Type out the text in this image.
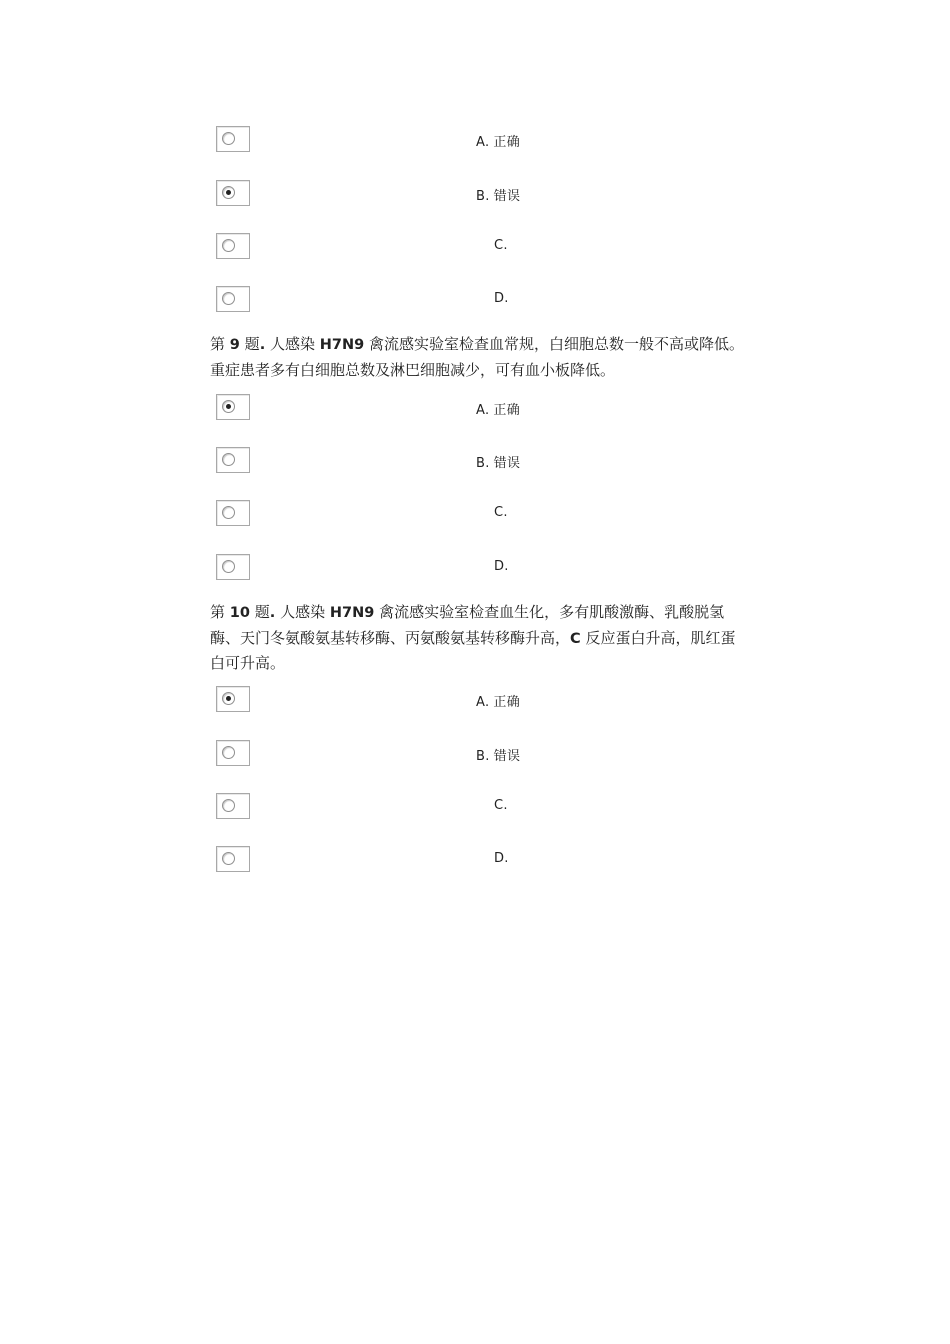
A. 正确
B. 错误
C.
D.
第 9 题. 人感染 H7N9 禽流感实验室检查血常规，白细胞总数一般不高或降低。重症患者多有白细胞总数及淋巴细胞减少，可有血小板降低。
A. 正确
B. 错误
C.
D.
第 10 题. 人感染 H7N9 禽流感实验室检查血生化，多有肌酸激酶、乳酸脱氢酶、天门冬氨酸氨基转移酶、丙氨酸氨基转移酶升高，C 反应蛋白升高，肌红蛋白可升高。
A. 正确
B. 错误
C.
D.
